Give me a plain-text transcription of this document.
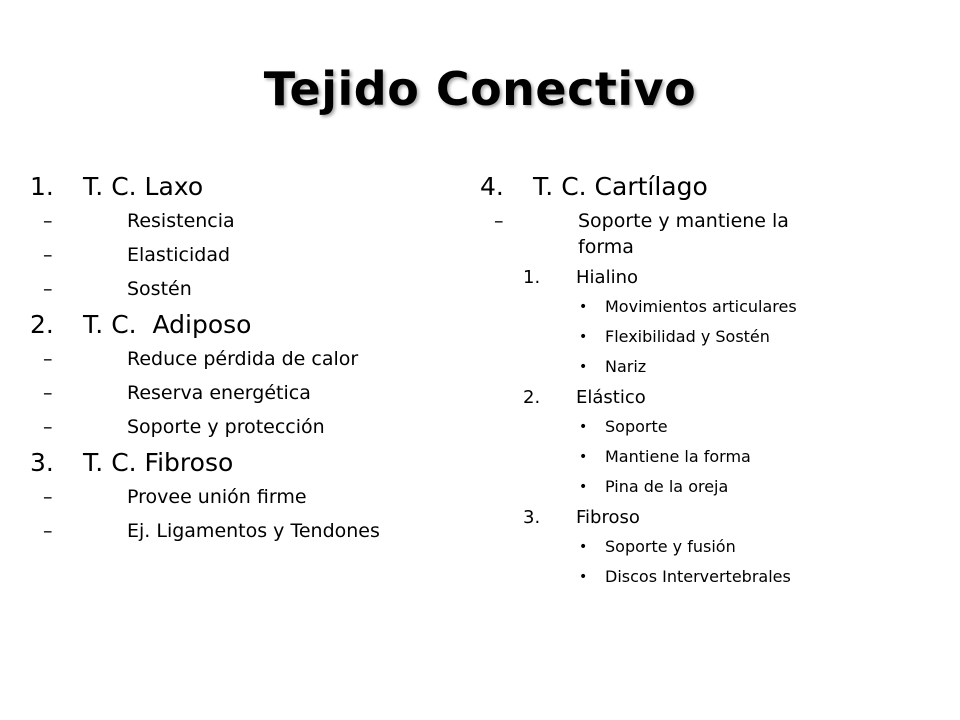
Tejido Conectivo
1.	T. C. Laxo
–	Resistencia
–	Elasticidad
–	Sostén
2.	T. C.  Adiposo
–	Reduce pérdida de calor
–	Reserva energética
–	Soporte y protección
3.	T. C. Fibroso
–	Provee unión firme
–	Ej. Ligamentos y Tendones
4.	T. C. Cartílago
–	Soporte y mantiene la
forma
1.	Hialino
•	Movimientos articulares
•	Flexibilidad y Sostén
•	Nariz
2.	Elástico
•	Soporte
•	Mantiene la forma
•	Pina de la oreja
3.	Fibroso
•	Soporte y fusión
•	Discos Intervertebrales
